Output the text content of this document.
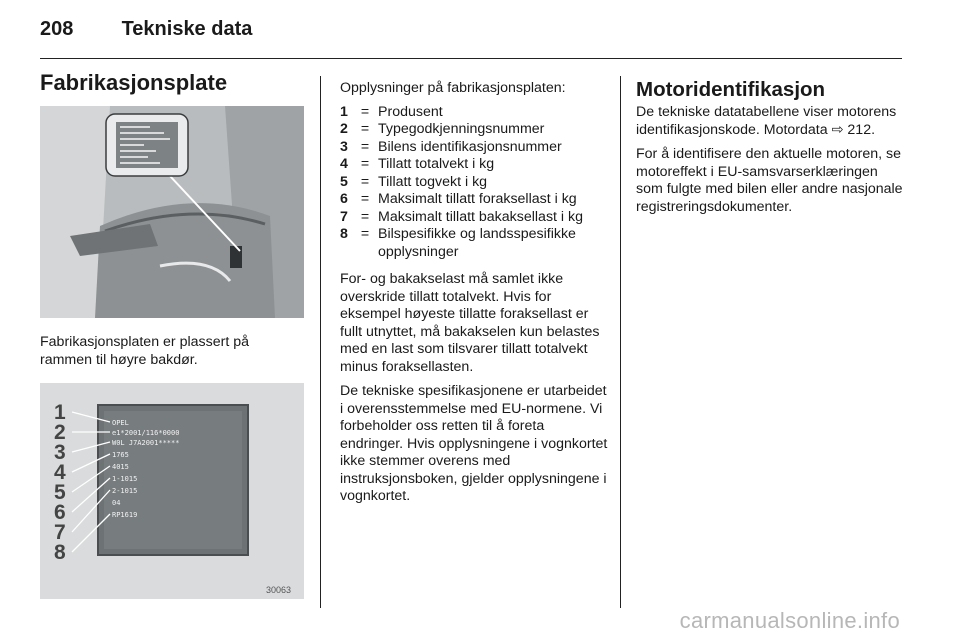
208 Tekniske data
Fabrikasjonsplate

Fabrikasjonsplaten er plassert på rammen til høyre bakdør.

OPEL
e1*2001/116*0000
W0L J7A2001*****
1765
4015
1-1015
2-1015
04
RP1619
1
2
3
4
5
6
7
8
30063

Opplysninger på fabrikasjonsplaten:

1 = Produsent
2 = Typegodkjenningsnummer
3 = Bilens identifikasjonsnummer
4 = Tillatt totalvekt i kg
5 = Tillatt togvekt i kg
6 = Maksimalt tillatt foraksellast i kg
7 = Maksimalt tillatt bakaksellast i kg
8 = Bilspesifikke og landsspesifikke opplysninger

For- og bakakselast må samlet ikke overskride tillatt totalvekt. Hvis for eksempel høyeste tillatte foraksellast er fullt utnyttet, må bakakselen kun belastes med en last som tilsvarer tillatt totalvekt minus foraksellasten.

De tekniske spesifikasjonene er utarbeidet i overensstemmelse med EU-normene. Vi forbeholder oss retten til å foreta endringer. Hvis opplysningene i vognkortet ikke stemmer overens med instruksjonsboken, gjelder opplysningene i vognkortet.

Motoridentifikasjon

De tekniske datatabellene viser motorens identifikasjonskode. Motordata ⇨ 212.

For å identifisere den aktuelle motoren, se motoreffekt i EU-samsvarserklæringen som fulgte med bilen eller andre nasjonale registreringsdokumenter.

carmanualsonline.info
